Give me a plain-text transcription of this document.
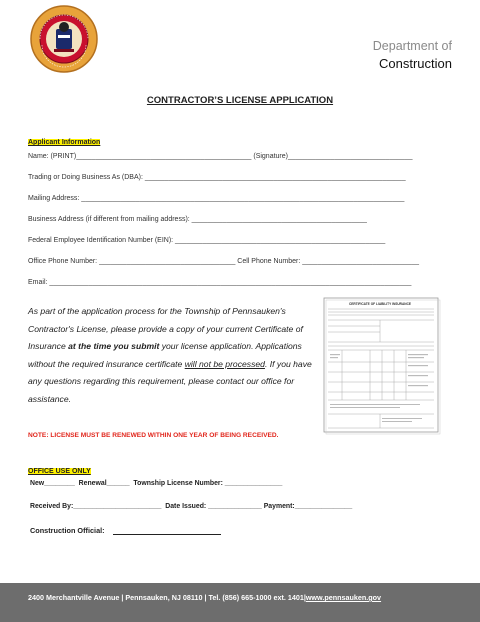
Department of
Construction
CONTRACTOR’S LICENSE APPLICATION
Applicant Information
Name: (PRINT)_____________________________________________ (Signature)________________________________
Trading or Doing Business As (DBA): ___________________________________________________________________
Mailing Address: ___________________________________________________________________________________
Business Address (if different from mailing address): _____________________________________________
Federal Employee Identification Number (EIN): ______________________________________________________
Office Phone Number: ___________________________________ Cell Phone Number: ______________________________
Email: _____________________________________________________________________________________________
As part of the application process for the Township of Pennsauken's Contractor's License, please provide a copy of your current Certificate of Insurance at the time you submit your license application. Applications without the required insurance certificate will not be processed. If you have any questions regarding this requirement, please contact our office for assistance.
CERTIFICATE OF LIABILITY INSURANCE
NOTE: LICENSE MUST BE RENEWED WITHIN ONE YEAR OF BEING RECEIVED.
OFFICE USE ONLY
New________  Renewal______  Township License Number: _______________
Received By:_______________________  Date Issued: ______________ Payment:_______________
Construction Official:
2400 Merchantville Avenue | Pennsauken, NJ 08110 | Tel. (856) 665-1000 ext. 1401|www.pennsauken.gov
